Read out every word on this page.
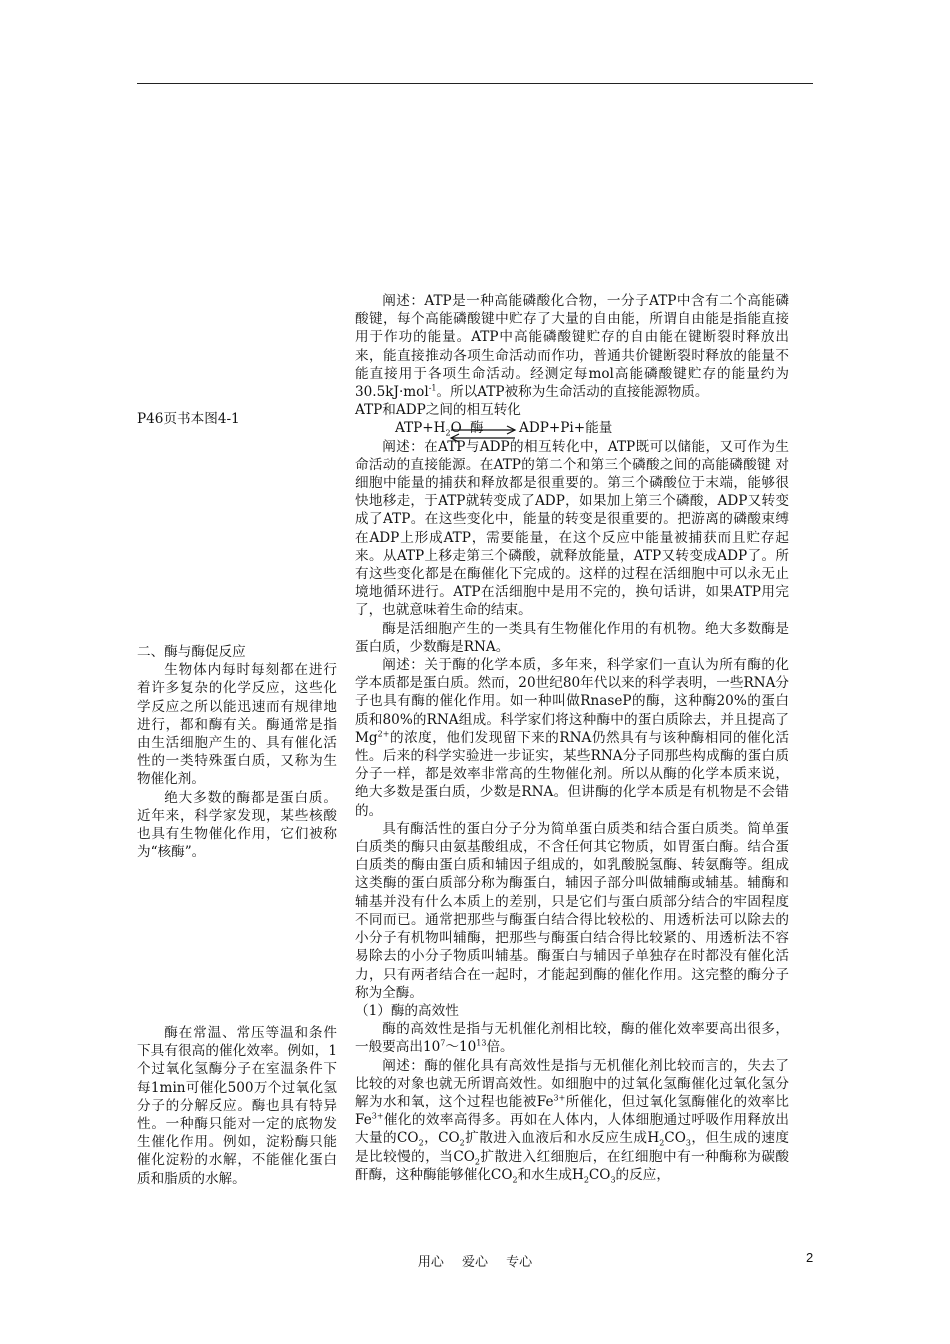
P46页书本图4-1

二、酶与酶促反应

生物体内每时每刻都在进行着许多复杂的化学反应，这些化学反应之所以能迅速而有规律地进行，都和酶有关。酶通常是指由生活细胞产生的、具有催化活性的一类特殊蛋白质，又称为生物催化剂。

绝大多数的酶都是蛋白质。近年来，科学家发现，某些核酸也具有生物催化作用，它们被称为“核酶”。

酶在常温、常压等温和条件下具有很高的催化效率。例如，1个过氧化氢酶分子在室温条件下每1min可催化500万个过氧化氢分子的分解反应。酶也具有特异性。一种酶只能对一定的底物发生催化作用。例如，淀粉酶只能催化淀粉的水解，不能催化蛋白质和脂质的水解。

阐述：ATP是一种高能磷酸化合物，一分子ATP中含有二个高能磷酸键，每个高能磷酸键中贮存了大量的自由能，所谓自由能是指能直接用于作功的能量。ATP中高能磷酸键贮存的自由能在键断裂时释放出来，能直接推动各项生命活动而作功，普通共价键断裂时释放的能量不能直接用于各项生命活动。经测定每mol高能磷酸键贮存的能量约为30.5kJ·mol$^{-1}$。所以ATP被称为生命活动的直接能源物质。

ATP和ADP之间的相互转化

$ATP+H_2O$ 酶	ADP+Pi+能量

阐述：在ATP与ADP的相互转化中，ATP既可以储能，又可作为生命活动的直接能源。在ATP的第二个和第三个磷酸之间的高能磷酸键 对细胞中能量的捕获和释放都是很重要的。第三个磷酸位于末端，能够很快地移走，于ATP就转变成了ADP，如果加上第三个磷酸，ADP又转变成了ATP。在这些变化中，能量的转变是很重要的。把游离的磷酸束缚在ADP上形成ATP，需要能量，在这个反应中能量被捕获而且贮存起来。从ATP上移走第三个磷酸，就释放能量，ATP又转变成ADP了。所有这些变化都是在酶催化下完成的。这样的过程在活细胞中可以永无止境地循环进行。ATP在活细胞中是用不完的，换句话讲，如果ATP用完了，也就意味着生命的结束。

酶是活细胞产生的一类具有生物催化作用的有机物。绝大多数酶是蛋白质，少数酶是RNA。

阐述：关于酶的化学本质，多年来，科学家们一直认为所有酶的化学本质都是蛋白质。然而，20世纪80年代以来的科学表明，一些RNA分子也具有酶的催化作用。如一种叫做RnaseP的酶，这种酶20%的蛋白质和80%的RNA组成。科学家们将这种酶中的蛋白质除去，并且提高了$Mg^{2+}$的浓度，他们发现留下来的RNA仍然具有与该种酶相同的催化活性。后来的科学实验进一步证实，某些RNA分子同那些构成酶的蛋白质分子一样，都是效率非常高的生物催化剂。所以从酶的化学本质来说，绝大多数是蛋白质，少数是RNA。但讲酶的化学本质是有机物是不会错的。

具有酶活性的蛋白分子分为简单蛋白质类和结合蛋白质类。简单蛋白质类的酶只由氨基酸组成，不含任何其它物质，如胃蛋白酶。结合蛋白质类的酶由蛋白质和辅因子组成的，如乳酸脱氢酶、转氨酶等。组成这类酶的蛋白质部分称为酶蛋白，辅因子部分叫做辅酶或辅基。辅酶和辅基并没有什么本质上的差别，只是它们与蛋白质部分结合的牢固程度不同而已。通常把那些与酶蛋白结合得比较松的、用透析法可以除去的小分子有机物叫辅酶，把那些与酶蛋白结合得比较紧的、用透析法不容易除去的小分子物质叫辅基。酶蛋白与辅因子单独存在时都没有催化活力，只有两者结合在一起时，才能起到酶的催化作用。这完整的酶分子称为全酶。

（1）酶的高效性

酶的高效性是指与无机催化剂相比较，酶的催化效率要高出很多，一般要高出$10^7\sim 10^{13}$倍。

阐述：酶的催化具有高效性是指与无机催化剂比较而言的，失去了比较的对象也就无所谓高效性。如细胞中的过氧化氢酶催化过氧化氢分解为水和氧，这个过程也能被$Fe^{3+}$所催化，但过氧化氢酶催化的效率比$Fe^{3+}$催化的效率高得多。再如在人体内，人体细胞通过呼吸作用释放出大量的$CO_2$，$CO_2$扩散进入血液后和水反应生成$H_2CO_3$，但生成的速度是比较慢的，当$CO_2$扩散进入红细胞后，在红细胞中有一种酶称为碳酸酐酶，这种酶能够催化$CO_2$和水生成$H_2CO_3$的反应，

用心 爱心 专心	2
